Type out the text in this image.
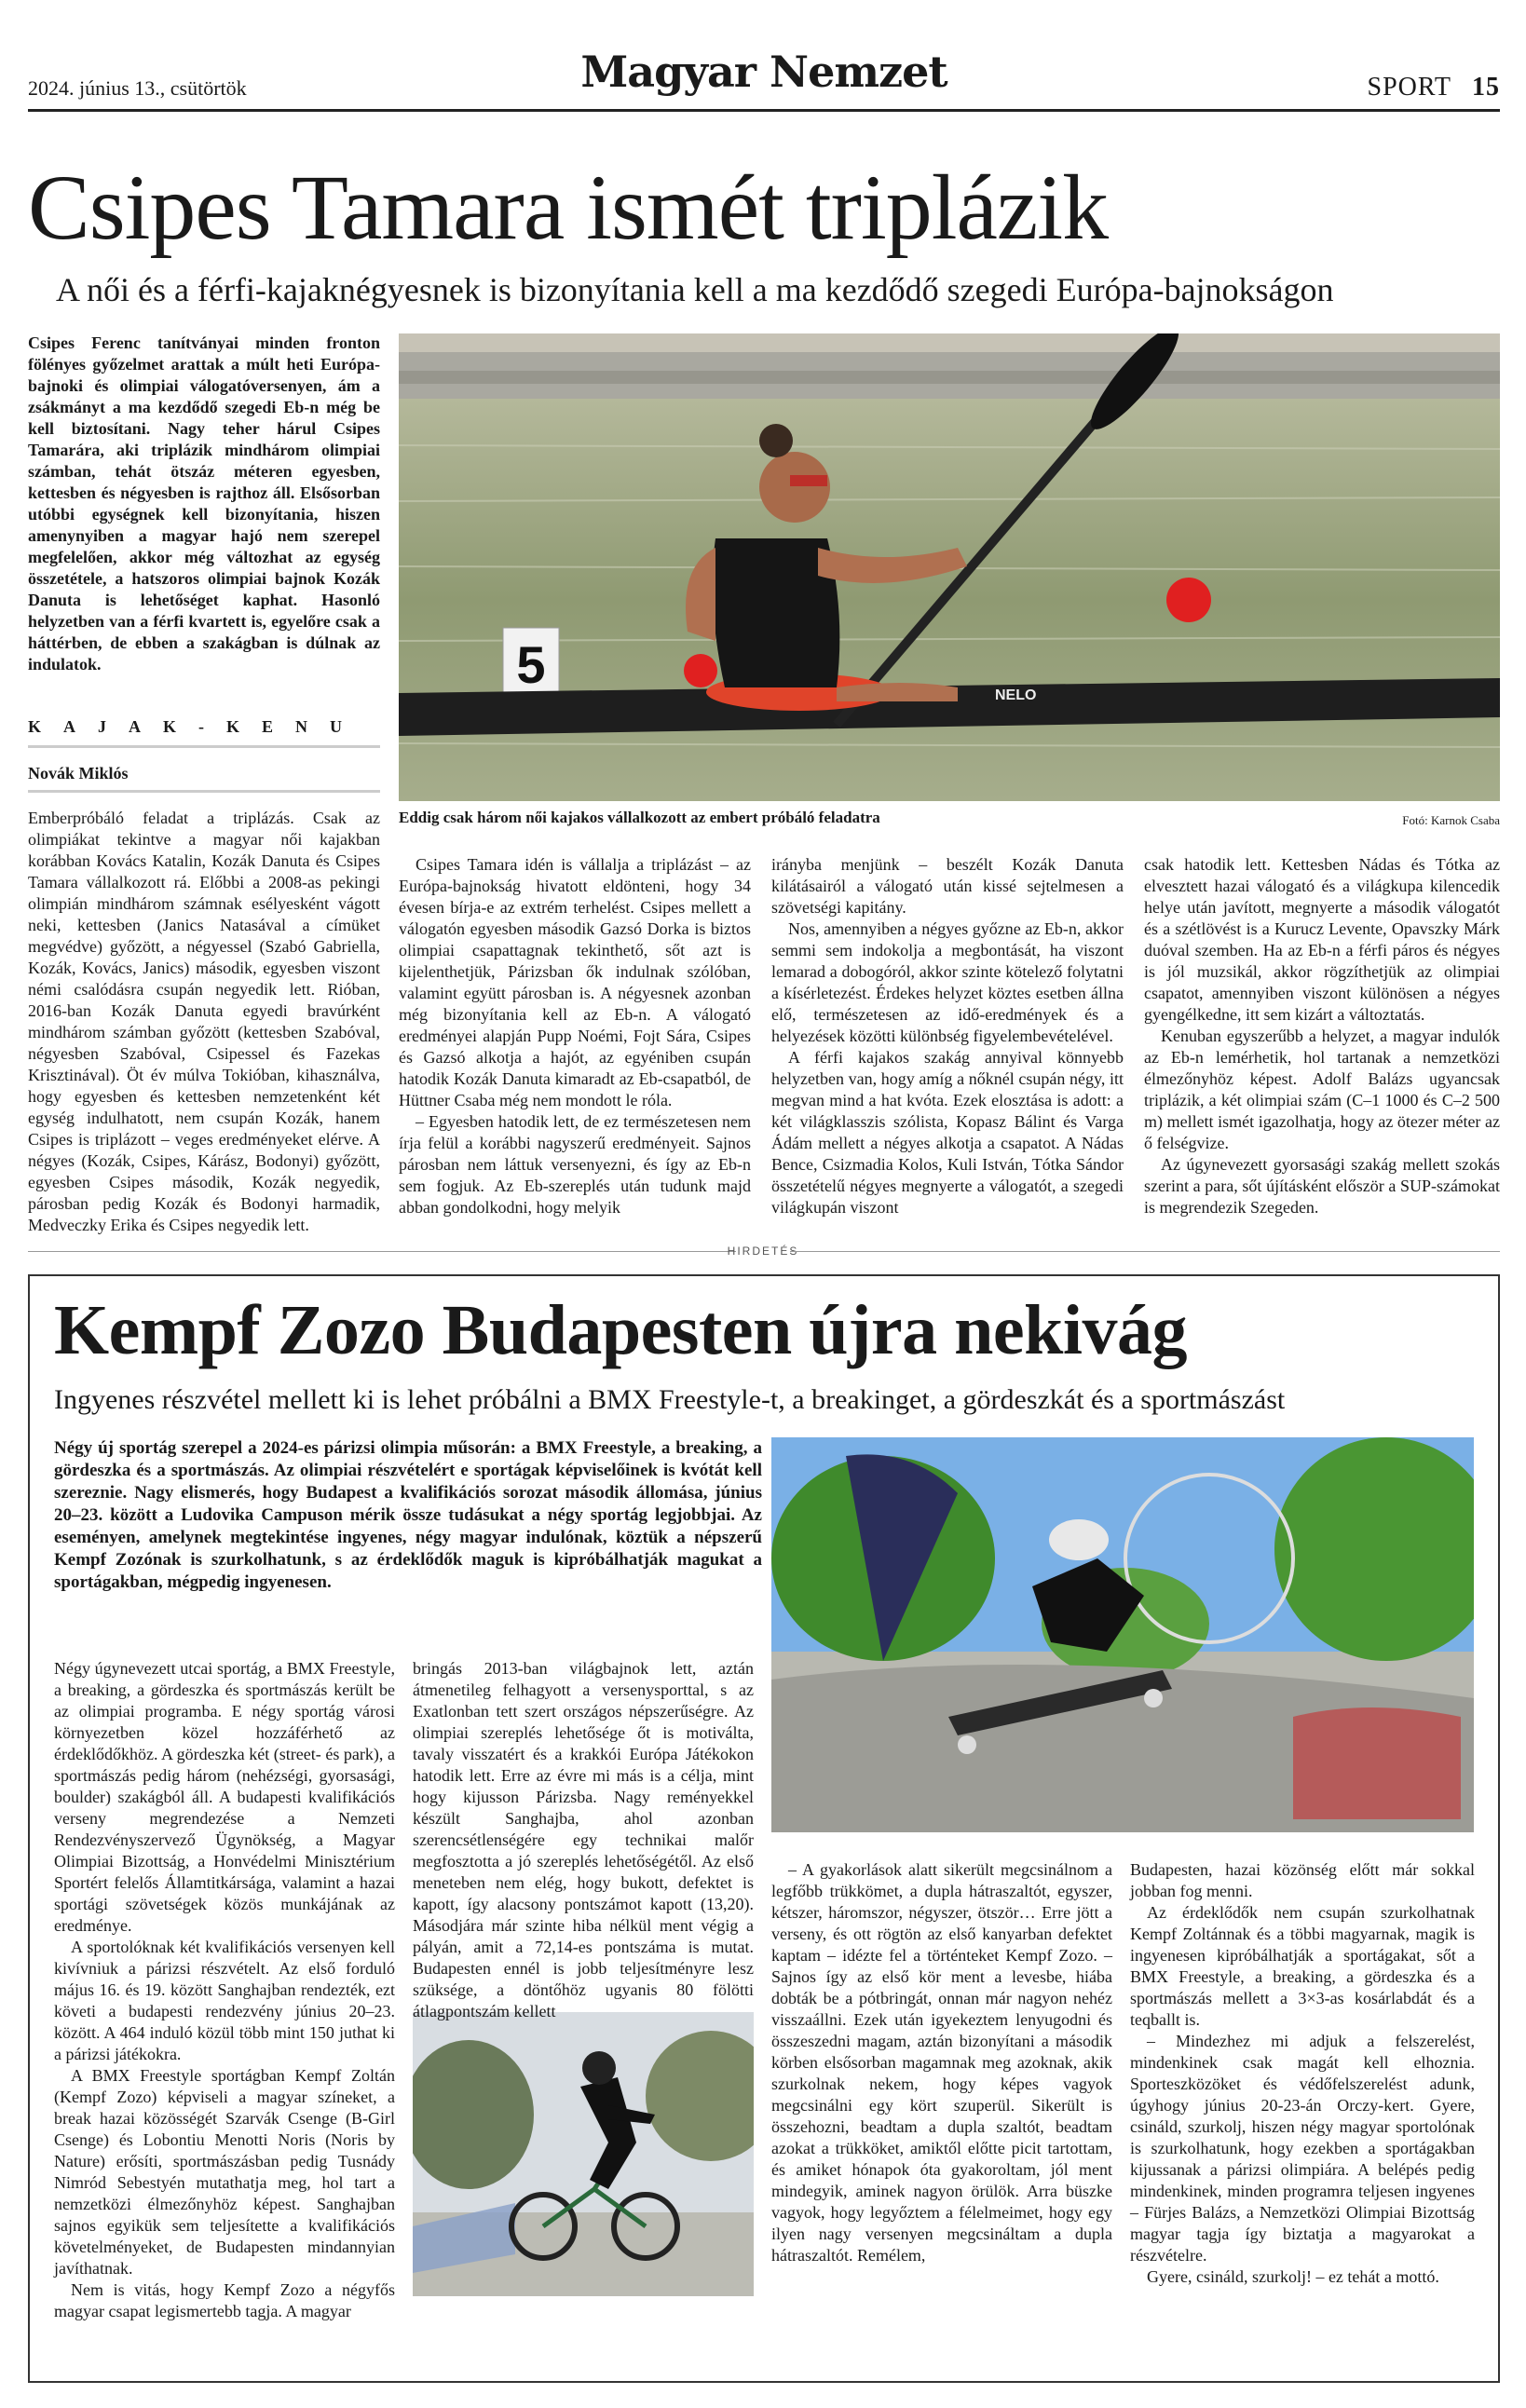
2024. június 13., csütörtök	Magyar Nemzet	SPORT 15
Csipes Tamara ismét triplázik
A női és a férfi-kajaknégyesnek is bizonyítania kell a ma kezdődő szegedi Európa-bajnokságon
Csipes Ferenc tanítványai minden fronton fölényes győzelmet arattak a múlt heti Európa-bajnoki és olimpiai válogatóversenyen, ám a zsákmányt a ma kezdődő szegedi Eb-n még be kell biztosítani. Nagy teher hárul Csipes Tamarára, aki triplázik mindhárom olimpiai számban, tehát ötszáz méteren egyesben, kettesben és négyesben is rajthoz áll. Elsősorban utóbbi egységnek kell bizonyítania, hiszen amenynyiben a magyar hajó nem szerepel megfelelően, akkor még változhat az egység összetétele, a hatszoros olimpiai bajnok Kozák Danuta is lehetőséget kaphat. Hasonló helyzetben van a férfi kvartett is, egyelőre csak a háttérben, de ebben a szakágban is dúlnak az indulatok.
KAJAK-KENU
Novák Miklós
5
NELO
Eddig csak három női kajakos vállalkozott az embert próbáló feladatra	Fotó: Karnok Csaba

Emberpróbáló feladat a triplázás. Csak az olimpiákat tekintve a magyar női kajakban korábban Kovács Katalin, Kozák Danuta és Csipes Tamara vállalkozott rá. Előbbi a 2008-as pekingi olimpián mindhárom számnak esélyesként vágott neki, kettesben (Janics Natasával a címüket megvédve) győzött, a négyessel (Szabó Gabriella, Kozák, Kovács, Janics) második, egyesben viszont némi csalódásra csupán negyedik lett. Rióban, 2016-ban Kozák Danuta egyedi bravúrként mindhárom számban győzött (kettesben Szabóval, négyesben Szabóval, Csipessel és Fazekas Krisztinával). Öt év múlva Tokióban, kihasználva, hogy egyesben és kettesben nemzetenként két egység indulhatott, nem csupán Kozák, hanem Csipes is triplázott – veges eredményeket elérve. A négyes (Kozák, Csipes, Kárász, Bodonyi) győzött, egyesben Csipes második, Kozák negyedik, párosban pedig Kozák és Bodonyi harmadik, Medveczky Erika és Csipes negyedik lett.

Csipes Tamara idén is vállalja a triplázást – az Európa-bajnokság hivatott eldönteni, hogy 34 évesen bírja-e az extrém terhelést. Csipes mellett a válogatón egyesben második Gazsó Dorka is biztos olimpiai csapattagnak tekinthető, sőt azt is kijelenthetjük, Párizsban ők indulnak szólóban, valamint együtt párosban is. A négyesnek azonban még bizonyítania kell az Eb-n. A válogató eredményei alapján Pupp Noémi, Fojt Sára, Csipes és Gazsó alkotja a hajót, az egyéniben csupán hatodik Kozák Danuta kimaradt az Eb-csapatból, de Hüttner Csaba még nem mondott le róla.

– Egyesben hatodik lett, de ez természetesen nem írja felül a korábbi nagyszerű eredményeit. Sajnos párosban nem láttuk versenyezni, és így az Eb-n sem fogjuk. Az Eb-szereplés után tudunk majd abban gondolkodni, hogy melyik

irányba menjünk – beszélt Kozák Danuta kilátásairól a válogató után kissé sejtelmesen a szövetségi kapitány.

Nos, amennyiben a négyes győzne az Eb-n, akkor semmi sem indokolja a megbontását, ha viszont lemarad a dobogóról, akkor szinte kötelező folytatni a kísérletezést. Érdekes helyzet köztes esetben állna elő, természetesen az idő-eredmények és a helyezések közötti különbség figyelembevételével.

A férfi kajakos szakág annyival könnyebb helyzetben van, hogy amíg a nőknél csupán négy, itt megvan mind a hat kvóta. Ezek elosztása is adott: a két világklasszis szólista, Kopasz Bálint és Varga Ádám mellett a négyes alkotja a csapatot. A Nádas Bence, Csizmadia Kolos, Kuli István, Tótka Sándor összetételű négyes megnyerte a válogatót, a szegedi világkupán viszont

csak hatodik lett. Kettesben Nádas és Tótka az elvesztett hazai válogató és a világkupa kilencedik helye után javított, megnyerte a második válogatót és a szétlövést is a Kurucz Levente, Opavszky Márk duóval szemben. Ha az Eb-n a férfi páros és négyes is jól muzsikál, akkor rögzíthetjük az olimpiai csapatot, amennyiben viszont különösen a négyes gyengélkedne, itt sem kizárt a változtatás.

Kenuban egyszerűbb a helyzet, a magyar indulók az Eb-n lemérhetik, hol tartanak a nemzetközi élmezőnyhöz képest. Adolf Balázs ugyancsak triplázik, a két olimpiai szám (C–1 1000 és C–2 500 m) mellett ismét igazolhatja, hogy az ötezer méter az ő felségvize.

Az úgynevezett gyorsasági szakág mellett szokás szerint a para, sőt újításként először a SUP-számokat is megrendezik Szegeden.

HIRDETÉS
Kempf Zozo Budapesten újra nekivág
Ingyenes részvétel mellett ki is lehet próbálni a BMX Freestyle-t, a breakinget, a gördeszkát és a sportmászást
Négy új sportág szerepel a 2024-es párizsi olimpia műsorán: a BMX Freestyle, a breaking, a gördeszka és a sportmászás. Az olimpiai részvételért e sportágak képviselőinek is kvótát kell szerezniе. Nagy elismerés, hogy Budapest a kvalifikációs sorozat második állomása, június 20–23. között a Ludovika Campuson mérik össze tudásukat a négy sportág legjobbjai. Az eseményen, amelynek megtekintése ingyenes, négy magyar indulónak, köztük a népszerű Kempf Zozónak is szurkolhatunk, s az érdeklődők maguk is kipróbálhatják magukat a sportágakban, mégpedig ingyenesen.

Négy úgynevezett utcai sportág, a BMX Freestyle, a breaking, a gördeszka és sportmászás került be az olimpiai programba. E négy sportág városi környezetben közel hozzáférhető az érdeklődőkhöz. A gördeszka két (street- és park), a sportmászás pedig három (nehézségi, gyorsasági, boulder) szakágból áll. A budapesti kvalifikációs verseny megrendezése a Nemzeti Rendezvényszervező Ügynökség, a Magyar Olimpiai Bizottság, a Honvédelmi Minisztérium Sportért felelős Államtitkársága, valamint a hazai sportági szövetségek közös munkájának az eredménye.

A sportolóknak két kvalifikációs versenyen kell kivívniuk a párizsi részvételt. Az első forduló május 16. és 19. között Sanghajban rendezték, ezt követi a budapesti rendezvény június 20–23. között. A 464 induló közül több mint 150 juthat ki a párizsi játékokra.

A BMX Freestyle sportágban Kempf Zoltán (Kempf Zozo) képviseli a magyar színeket, a break hazai közösségét Szarvák Csenge (B-Girl Csenge) és Lobontiu Menotti Noris (Noris by Nature) erősíti, sportmászásban pedig Tusnády Nimród Sebestyén mutathatja meg, hol tart a nemzetközi élmezőnyhöz képest. Sanghajban sajnos egyikük sem teljesítette a kvalifikációs követelményeket, de Budapesten mindannyian javíthatnak.

Nem is vitás, hogy Kempf Zozo a négyfős magyar csapat legismertebb tagja. A magyar

bringás 2013-ban világbajnok lett, aztán átmenetileg felhagyott a versenysporttal, s az Exatlonban tett szert országos népszerűségre. Az olimpiai szereplés lehetősége őt is motiválta, tavaly visszatért és a krakkói Európa Játékokon hatodik lett. Erre az évre mi más is a célja, mint hogy kijusson Párizsba. Nagy reményekkel készült Sanghajba, ahol azonban szerencsétlenségére egy technikai malőr megfosztotta a jó szereplés lehetőségétől. Az első meneteben nem elég, hogy bukott, defektet is kapott, így alacsony pontszámot kapott (13,20). Másodjára már szinte hiba nélkül ment végig a pályán, amit a 72,14-es pontszáma is mutat. Budapesten ennél is jobb teljesítményre lesz szüksége, a döntőhöz ugyanis 80 fölötti átlagpontszám kellett

– A gyakorlások alatt sikerült megcsinálnom a legfőbb trükkömet, a dupla hátraszaltót, egyszer, kétszer, háromszor, négyszer, ötször… Erre jött a verseny, és ott rögtön az első kanyarban defektet kaptam – idézte fel a történteket Kempf Zozo. – Sajnos így az első kör ment a levesbe, hiába dobták be a pótbringát, onnan már nagyon nehéz visszaállni. Ezek után igyekeztem lenyugodni és összeszedni magam, aztán bizonyítani a második körben elsősorban magamnak meg azoknak, akik szurkolnak nekem, hogy képes vagyok megcsinálni egy kört szuperül. Sikerült is összehozni, beadtam a dupla szaltót, beadtam azokat a trükköket, amiktől előtte picit tartottam, és amiket hónapok óta gyakoroltam, jól ment mindegyik, aminek nagyon örülök. Arra büszke vagyok, hogy legyőztem a félelmeimet, hogy egy ilyen nagy versenyen megcsináltam a dupla hátraszaltót. Remélem,

Budapesten, hazai közönség előtt már sokkal jobban fog menni.

Az érdeklődők nem csupán szurkolhatnak Kempf Zoltánnak és a többi magyarnak, magik is ingyenesen kipróbálhatják a sportágakat, sőt a BMX Freestyle, a breaking, a gördeszka és a sportmászás mellett a 3×3-as kosárlabdát és a teqballt is.

– Mindezhez mi adjuk a felszerelést, mindenkinek csak magát kell elhoznia. Sporteszközöket és védőfelszerelést adunk, úgyhogy június 20-23-án Orczy-kert. Gyere, csináld, szurkolj, hiszen négy magyar sportolónak is szurkolhatunk, hogy ezekben a sportágakban kijussanak a párizsi olimpiára. A belépés pedig mindenkinek, minden programra teljesen ingyenes – Fürjes Balázs, a Nemzetközi Olimpiai Bizottság magyar tagja így biztatja a magyarokat a részvételre.

Gyere, csináld, szurkolj! – ez tehát a mottó.
